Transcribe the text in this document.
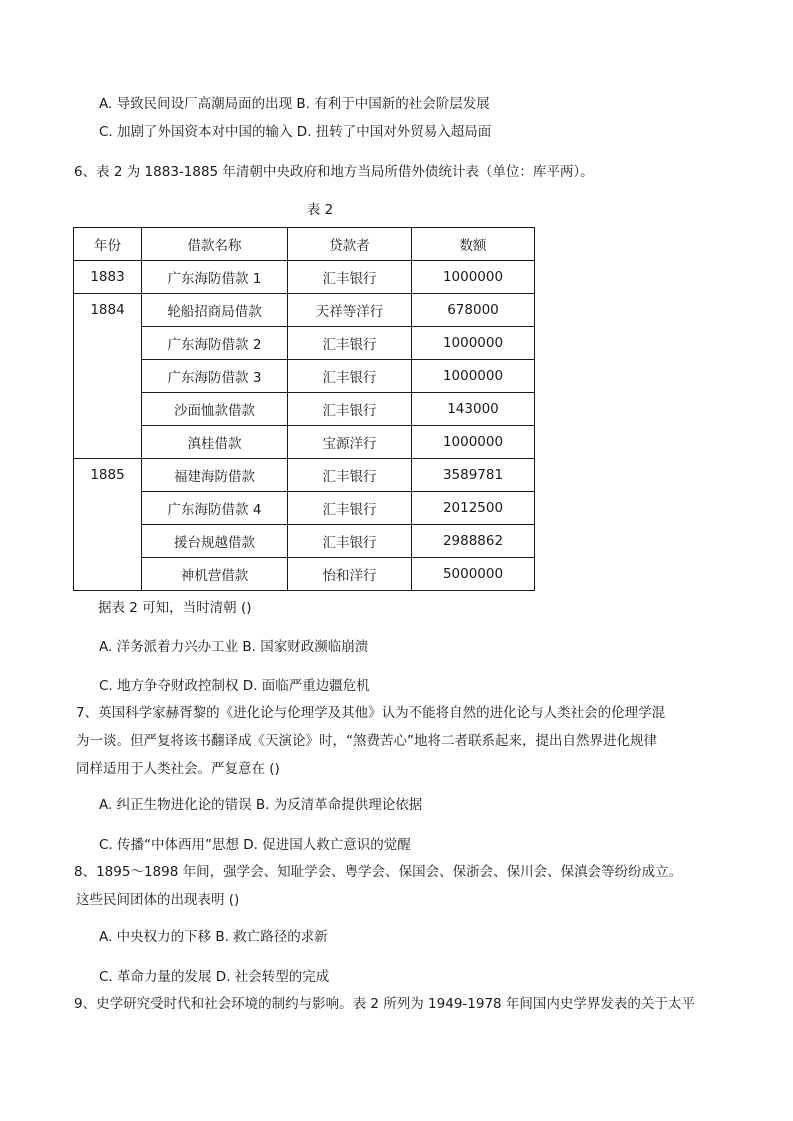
A. 导致民间设厂高潮局面的出现 B. 有利于中国新的社会阶层发展
C. 加剧了外国资本对中国的输入 D. 扭转了中国对外贸易入超局面
6、表 2 为 1883-1885 年清朝中央政府和地方当局所借外债统计表（单位：库平两）。
表 2
年份	借款名称	贷款者	数额
1883	广东海防借款 1	汇丰银行	1000000
1884	轮船招商局借款	天祥等洋行	678000
	广东海防借款 2	汇丰银行	1000000
	广东海防借款 3	汇丰银行	1000000
	沙面恤款借款	汇丰银行	143000
	滇桂借款	宝源洋行	1000000
1885	福建海防借款	汇丰银行	3589781
	广东海防借款 4	汇丰银行	2012500
	援台规越借款	汇丰银行	2988862
	神机营借款	怡和洋行	5000000
据表 2 可知，当时清朝 ()
A. 洋务派着力兴办工业 B. 国家财政濒临崩溃
C. 地方争夺财政控制权 D. 面临严重边疆危机
7、英国科学家赫胥黎的《进化论与伦理学及其他》认为不能将自然的进化论与人类社会的伦理学混
为一谈。但严复将该书翻译成《天演论》时，“煞费苦心”地将二者联系起来，提出自然界进化规律
同样适用于人类社会。严复意在 ()
A. 纠正生物进化论的错误 B. 为反清革命提供理论依据
C. 传播“中体西用”思想 D. 促进国人救亡意识的觉醒
8、1895～1898 年间，强学会、知耻学会、粤学会、保国会、保浙会、保川会、保滇会等纷纷成立。
这些民间团体的出现表明 ()
A. 中央权力的下移 B. 救亡路径的求新
C. 革命力量的发展 D. 社会转型的完成
9、史学研究受时代和社会环境的制约与影响。表 2 所列为 1949-1978 年间国内史学界发表的关于太平
